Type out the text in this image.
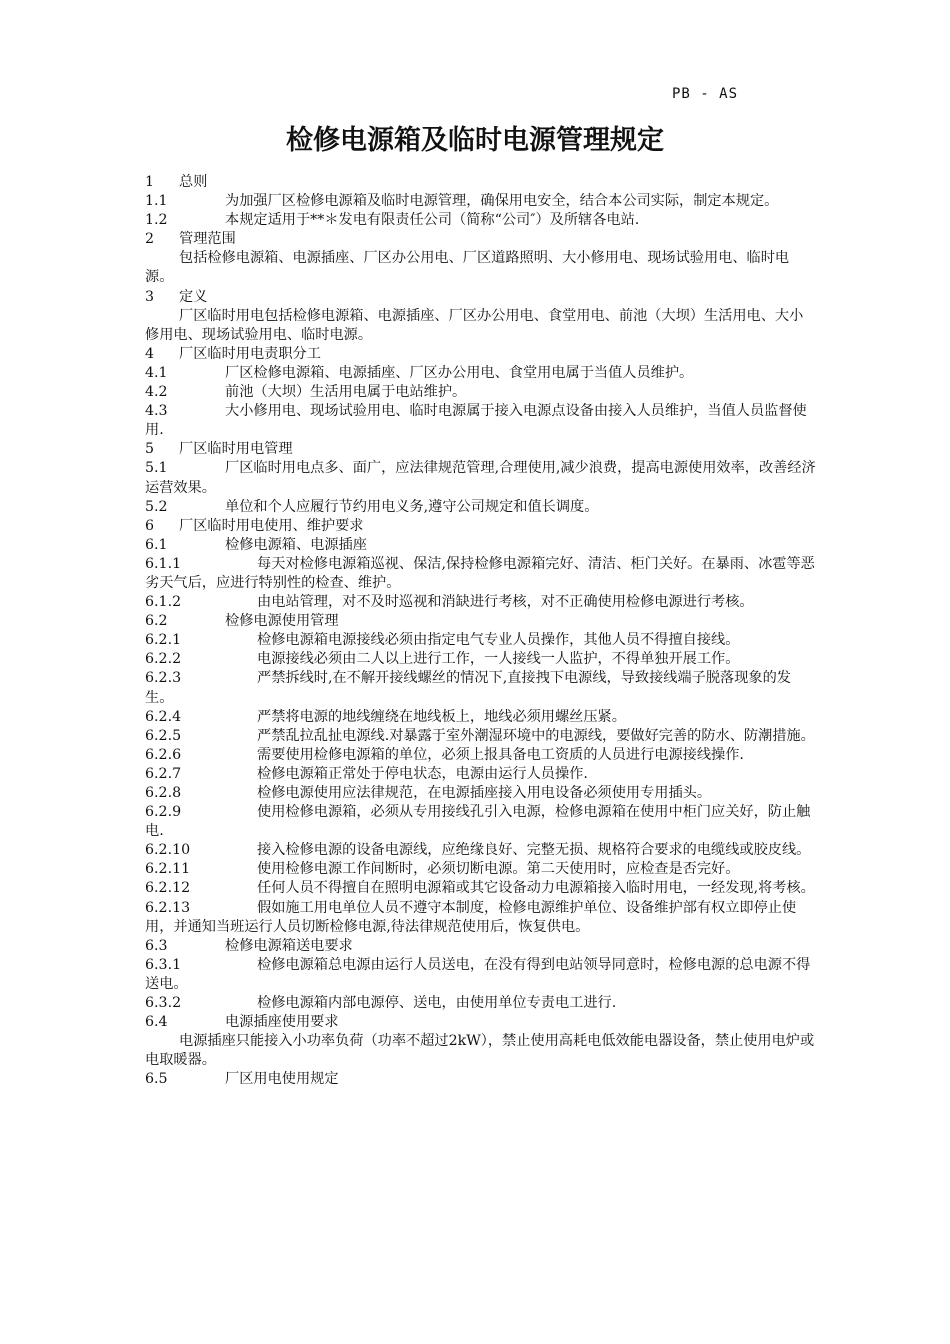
PB - AS
检修电源箱及临时电源管理规定

1 总则

1.1	为加强厂区检修电源箱及临时电源管理，确保用电安全，结合本公司实际，制定本规定。

1.2	本规定适用于**＊发电有限责任公司（简称“公司″）及所辖各电站.

2 管理范围

包括检修电源箱、电源插座、厂区办公用电、厂区道路照明、大小修用电、现场试验用电、临时电源。

3 定义

厂区临时用电包括检修电源箱、电源插座、厂区办公用电、食堂用电、前池（大坝）生活用电、大小修用电、现场试验用电、临时电源。

4 厂区临时用电责职分工

4.1	厂区检修电源箱、电源插座、厂区办公用电、食堂用电属于当值人员维护。

4.2	前池（大坝）生活用电属于电站维护。

4.3	大小修用电、现场试验用电、临时电源属于接入电源点设备由接入人员维护，当值人员监督使用.

5 厂区临时用电管理

5.1	厂区临时用电点多、面广，应法律规范管理,合理使用,减少浪费，提高电源使用效率，改善经济运营效果。

5.2	单位和个人应履行节约用电义务,遵守公司规定和值长调度。

6 厂区临时用电使用、维护要求

6.1	检修电源箱、电源插座

6.1.1	每天对检修电源箱巡视、保洁,保持检修电源箱完好、清洁、柜门关好。在暴雨、冰雹等恶劣天气后，应进行特别性的检查、维护。

6.1.2	由电站管理，对不及时巡视和消缺进行考核，对不正确使用检修电源进行考核。

6.2	检修电源使用管理

6.2.1	检修电源箱电源接线必须由指定电气专业人员操作，其他人员不得擅自接线。

6.2.2	电源接线必须由二人以上进行工作，一人接线一人监护，不得单独开展工作。

6.2.3	严禁拆线时,在不解开接线螺丝的情况下,直接拽下电源线，导致接线端子脱落现象的发生。

6.2.4	严禁将电源的地线缠绕在地线板上，地线必须用螺丝压紧。

6.2.5	严禁乱拉乱扯电源线.对暴露于室外潮湿环境中的电源线，要做好完善的防水、防潮措施。

6.2.6	需要使用检修电源箱的单位，必须上报具备电工资质的人员进行电源接线操作.

6.2.7	检修电源箱正常处于停电状态，电源由运行人员操作.

6.2.8	检修电源使用应法律规范，在电源插座接入用电设备必须使用专用插头。

6.2.9	使用检修电源箱，必须从专用接线孔引入电源，检修电源箱在使用中柜门应关好，防止触电.

6.2.10	接入检修电源的设备电源线，应绝缘良好、完整无损、规格符合要求的电缆线或胶皮线。

6.2.11	使用检修电源工作间断时，必须切断电源。第二天使用时，应检查是否完好。

6.2.12	任何人员不得擅自在照明电源箱或其它设备动力电源箱接入临时用电，一经发现,将考核。

6.2.13	假如施工用电单位人员不遵守本制度，检修电源维护单位、设备维护部有权立即停止使用，并通知当班运行人员切断检修电源,待法律规范使用后，恢复供电。

6.3	检修电源箱送电要求

6.3.1	检修电源箱总电源由运行人员送电，在没有得到电站领导同意时，检修电源的总电源不得送电。

6.3.2	检修电源箱内部电源停、送电，由使用单位专责电工进行.

6.4	电源插座使用要求

电源插座只能接入小功率负荷（功率不超过2kW），禁止使用高耗电低效能电器设备，禁止使用电炉或电取暖器。

6.5	厂区用电使用规定
